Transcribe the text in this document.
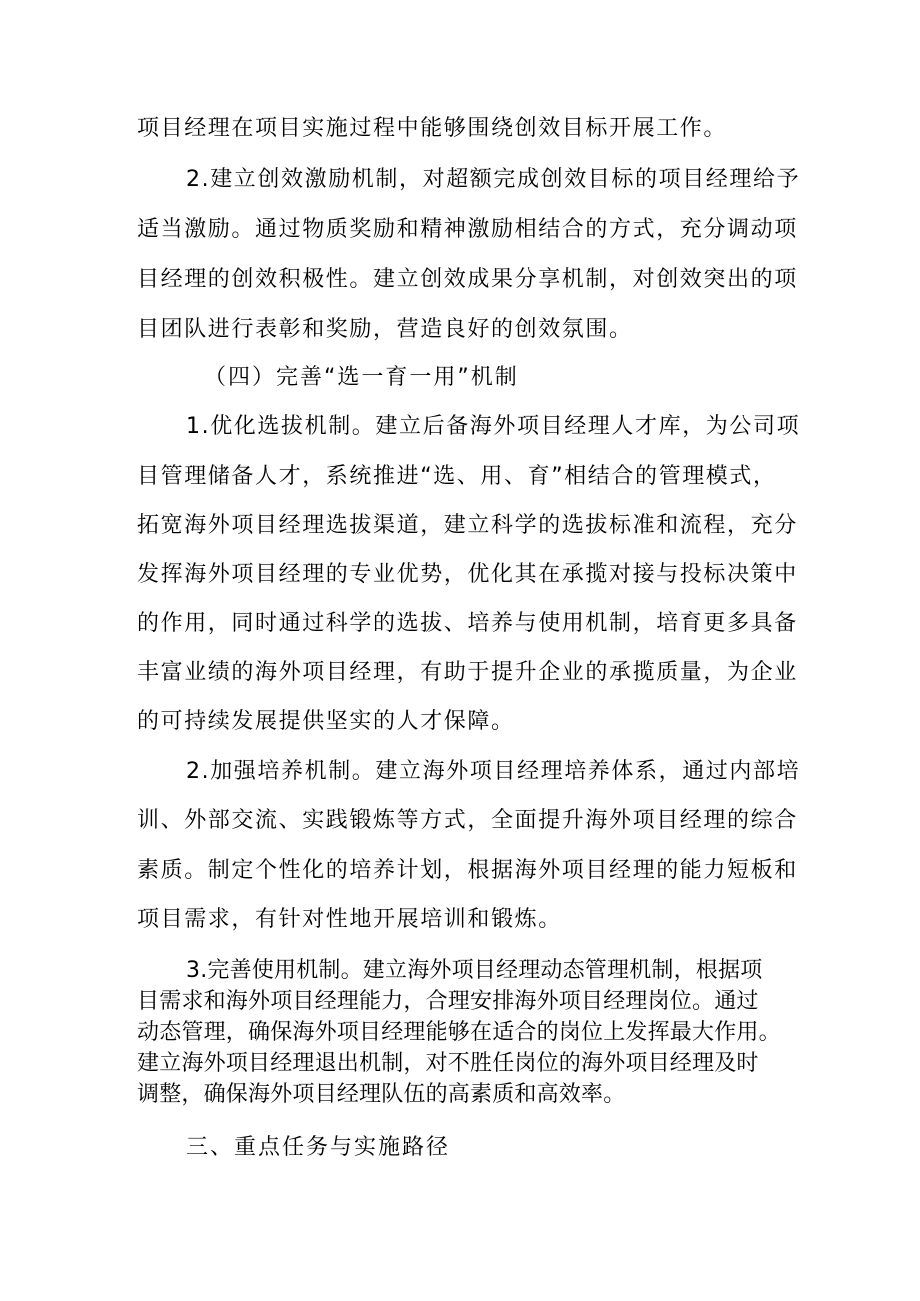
项目经理在项目实施过程中能够围绕创效目标开展工作。
2.建立创效激励机制，对超额完成创效目标的项目经理给予
适当激励。通过物质奖励和精神激励相结合的方式，充分调动项
目经理的创效积极性。建立创效成果分享机制，对创效突出的项
目团队进行表彰和奖励，营造良好的创效氛围。
（四）完善“选一育一用”机制
1.优化选拔机制。建立后备海外项目经理人才库，为公司项
目管理储备人才，系统推进“选、用、育”相结合的管理模式，
拓宽海外项目经理选拔渠道，建立科学的选拔标准和流程，充分
发挥海外项目经理的专业优势，优化其在承揽对接与投标决策中
的作用，同时通过科学的选拔、培养与使用机制，培育更多具备
丰富业绩的海外项目经理，有助于提升企业的承揽质量，为企业
的可持续发展提供坚实的人才保障。
2.加强培养机制。建立海外项目经理培养体系，通过内部培
训、外部交流、实践锻炼等方式，全面提升海外项目经理的综合
素质。制定个性化的培养计划，根据海外项目经理的能力短板和
项目需求，有针对性地开展培训和锻炼。
3.完善使用机制。建立海外项目经理动态管理机制，根据项
目需求和海外项目经理能力，合理安排海外项目经理岗位。通过
动态管理，确保海外项目经理能够在适合的岗位上发挥最大作用。
建立海外项目经理退出机制，对不胜任岗位的海外项目经理及时
调整，确保海外项目经理队伍的高素质和高效率。
三、重点任务与实施路径
